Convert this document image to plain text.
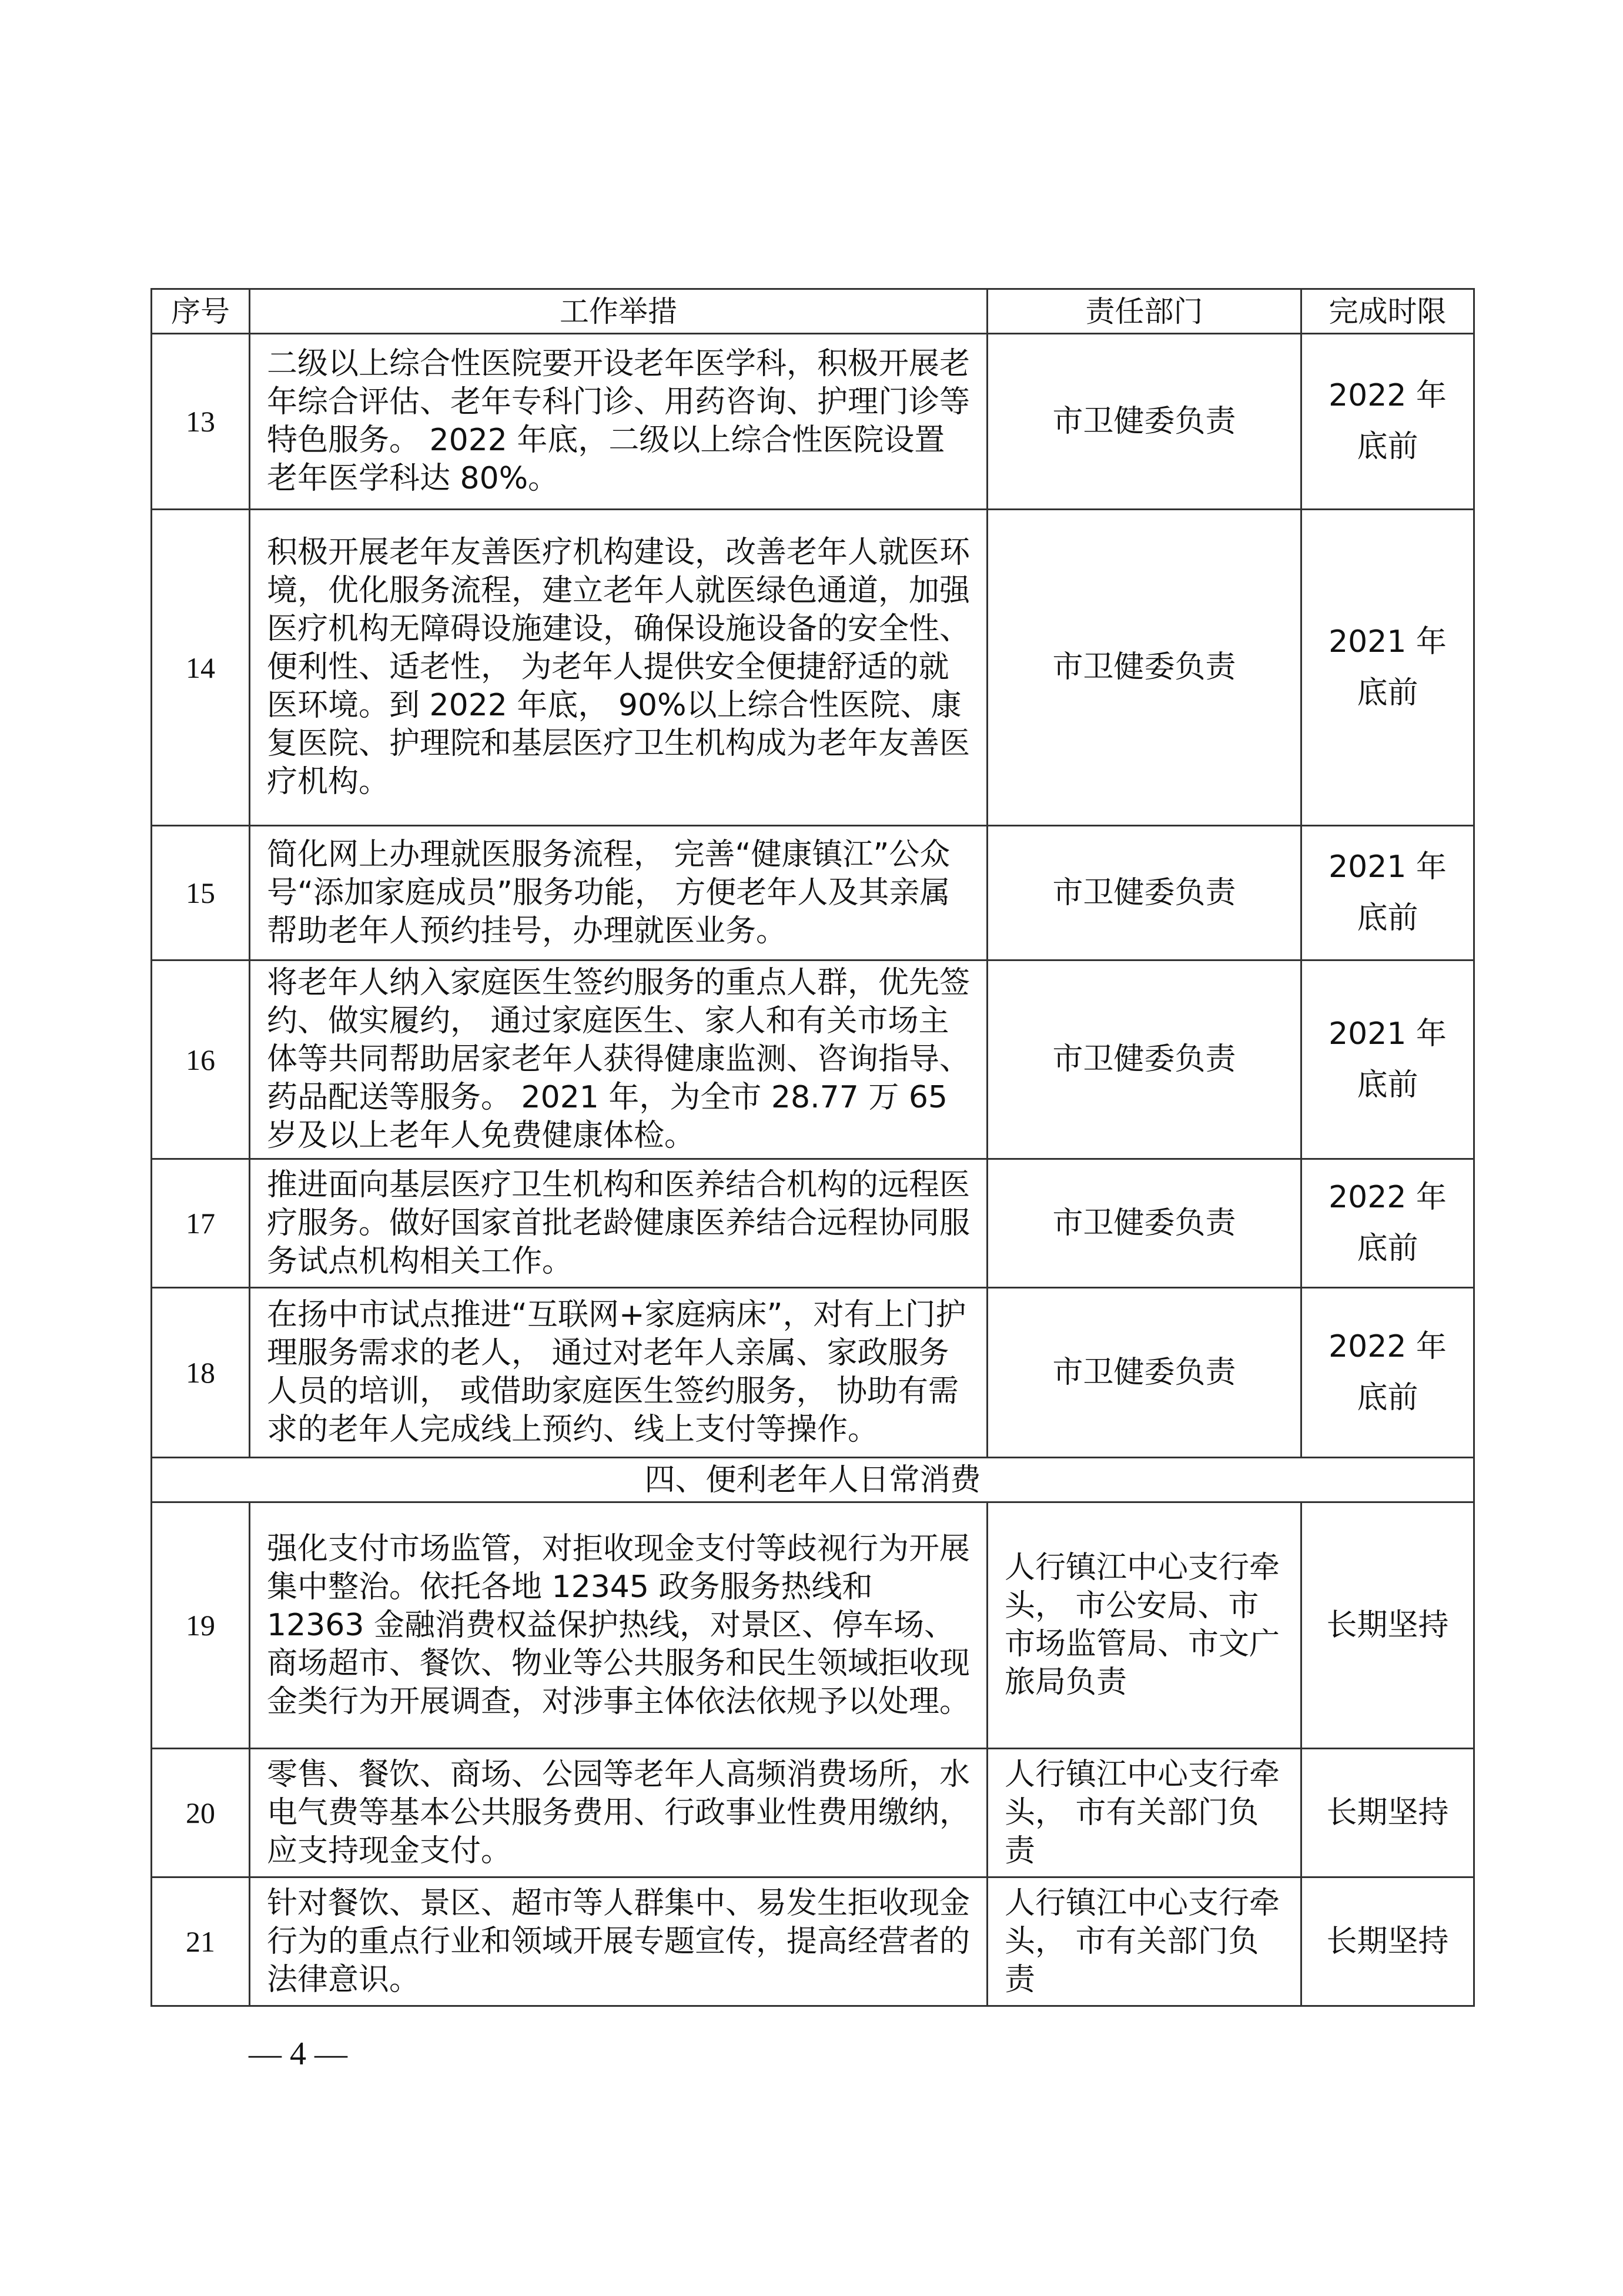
序号	工作举措	责任部门	完成时限
13	二级以上综合性医院要开设老年医学科，积极开展老年综合评估、老年专科门诊、用药咨询、护理门诊等特色服务。 2022 年底，二级以上综合性医院设置老年医学科达 80%。	市卫健委负责	2022 年底前
14	积极开展老年友善医疗机构建设，改善老年人就医环境，优化服务流程，建立老年人就医绿色通道，加强医疗机构无障碍设施建设，确保设施设备的安全性、便利性、适老性， 为老年人提供安全便捷舒适的就医环境。到 2022 年底， 90%以上综合性医院、康复医院、护理院和基层医疗卫生机构成为老年友善医疗机构。	市卫健委负责	2021 年底前
15	简化网上办理就医服务流程， 完善“健康镇江”公众号“添加家庭成员”服务功能， 方便老年人及其亲属帮助老年人预约挂号，办理就医业务。	市卫健委负责	2021 年底前
16	将老年人纳入家庭医生签约服务的重点人群，优先签约、做实履约， 通过家庭医生、家人和有关市场主体等共同帮助居家老年人获得健康监测、咨询指导、药品配送等服务。 2021 年，为全市 28.77 万 65 岁及以上老年人免费健康体检。	市卫健委负责	2021 年底前
17	推进面向基层医疗卫生机构和医养结合机构的远程医疗服务。做好国家首批老龄健康医养结合远程协同服务试点机构相关工作。	市卫健委负责	2022 年底前
18	在扬中市试点推进“互联网+家庭病床”，对有上门护理服务需求的老人， 通过对老年人亲属、家政服务人员的培训， 或借助家庭医生签约服务， 协助有需求的老年人完成线上预约、线上支付等操作。	市卫健委负责	2022 年底前
四、便利老年人日常消费			
19	强化支付市场监管，对拒收现金支付等歧视行为开展集中整治。依托各地 12345 政务服务热线和 12363 金融消费权益保护热线，对景区、停车场、商场超市、餐饮、物业等公共服务和民生领域拒收现金类行为开展调查，对涉事主体依法依规予以处理。	人行镇江中心支行牵头， 市公安局、市市场监管局、市文广旅局负责	长期坚持
20	零售、餐饮、商场、公园等老年人高频消费场所，水电气费等基本公共服务费用、行政事业性费用缴纳，应支持现金支付。	人行镇江中心支行牵头， 市有关部门负责	长期坚持
21	针对餐饮、景区、超市等人群集中、易发生拒收现金行为的重点行业和领域开展专题宣传，提高经营者的法律意识。	人行镇江中心支行牵头， 市有关部门负责	长期坚持
— 4 —
